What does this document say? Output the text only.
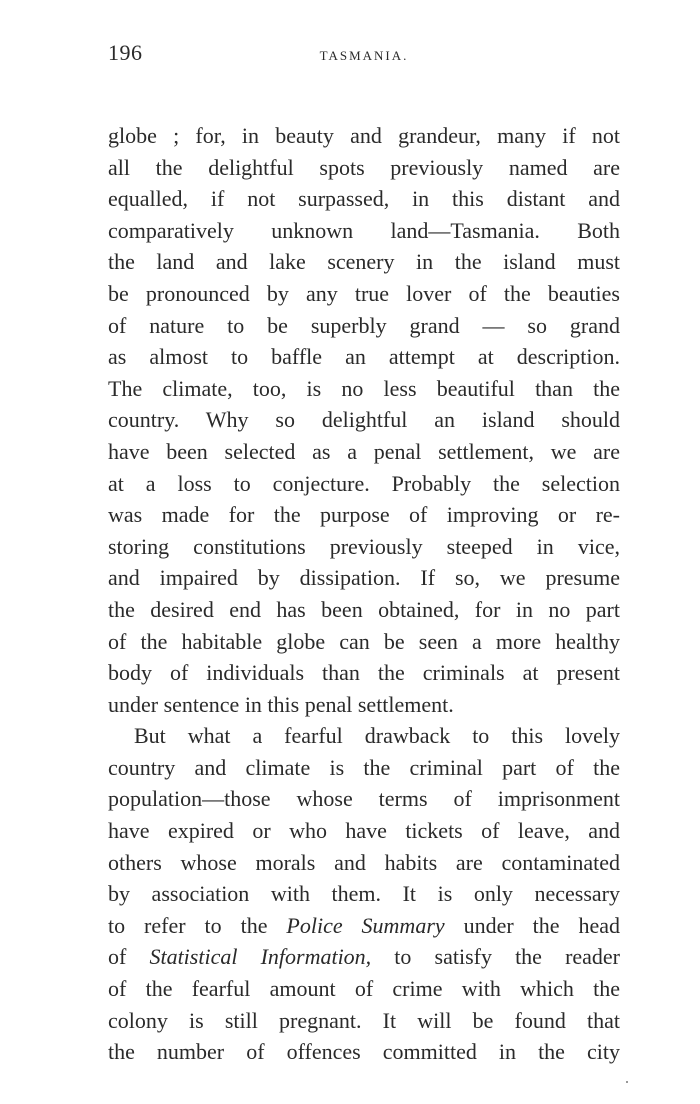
196	TASMANIA.
globe ; for, in beauty and grandeur, many if not
all the delightful spots previously named are
equalled, if not surpassed, in this distant and
comparatively unknown land—Tasmania. Both
the land and lake scenery in the island must
be pronounced by any true lover of the beauties
of nature to be superbly grand — so grand
as almost to baffle an attempt at description.
The climate, too, is no less beautiful than the
country. Why so delightful an island should
have been selected as a penal settlement, we are
at a loss to conjecture. Probably the selection
was made for the purpose of improving or re-
storing constitutions previously steeped in vice,
and impaired by dissipation. If so, we presume
the desired end has been obtained, for in no part
of the habitable globe can be seen a more healthy
body of individuals than the criminals at present
under sentence in this penal settlement.
But what a fearful drawback to this lovely
country and climate is the criminal part of the
population—those whose terms of imprisonment
have expired or who have tickets of leave, and
others whose morals and habits are contaminated
by association with them. It is only necessary
to refer to the Police Summary under the head
of Statistical Information, to satisfy the reader
of the fearful amount of crime with which the
colony is still pregnant. It will be found that
the number of offences committed in the city
